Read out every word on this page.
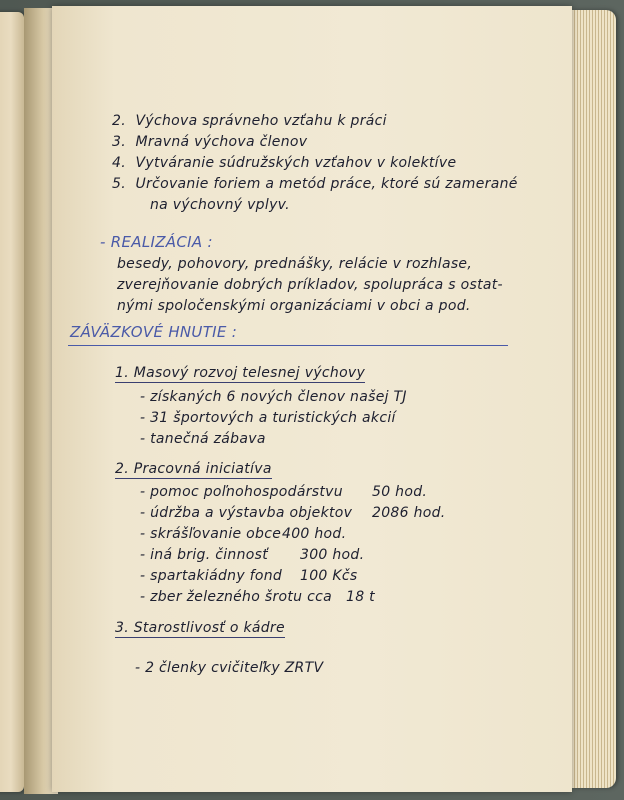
2. Výchova správneho vzťahu k práci
3. Mravná výchova členov
4. Vytváranie súdružských vzťahov v kolektíve
5. Určovanie foriem a metód práce, ktoré sú zamerané
na výchovný vplyv.
- REALIZÁCIA :
besedy, pohovory, prednášky, relácie v rozhlase,
zverejňovanie dobrých príkladov, spolupráca s ostat-
nými spoločenskými organizáciami v obci a pod.
ZÁVÄZKOVÉ HNUTIE :
1. Masový rozvoj telesnej výchovy
- získaných 6 nových členov našej TJ
- 31 športových a turistických akcií
- tanečná zábava
2. Pracovná iniciatíva
- pomoc poľnohospodárstvu 50 hod.
- údržba a výstavba objektov 2086 hod.
- skrášľovanie obce 400 hod.
- iná brig. činnosť 300 hod.
- spartakiádny fond 100 Kčs
- zber železného šrotu cca 18 t
3. Starostlivosť o kádre
- 2 členky cvičiteľky ZRTV
